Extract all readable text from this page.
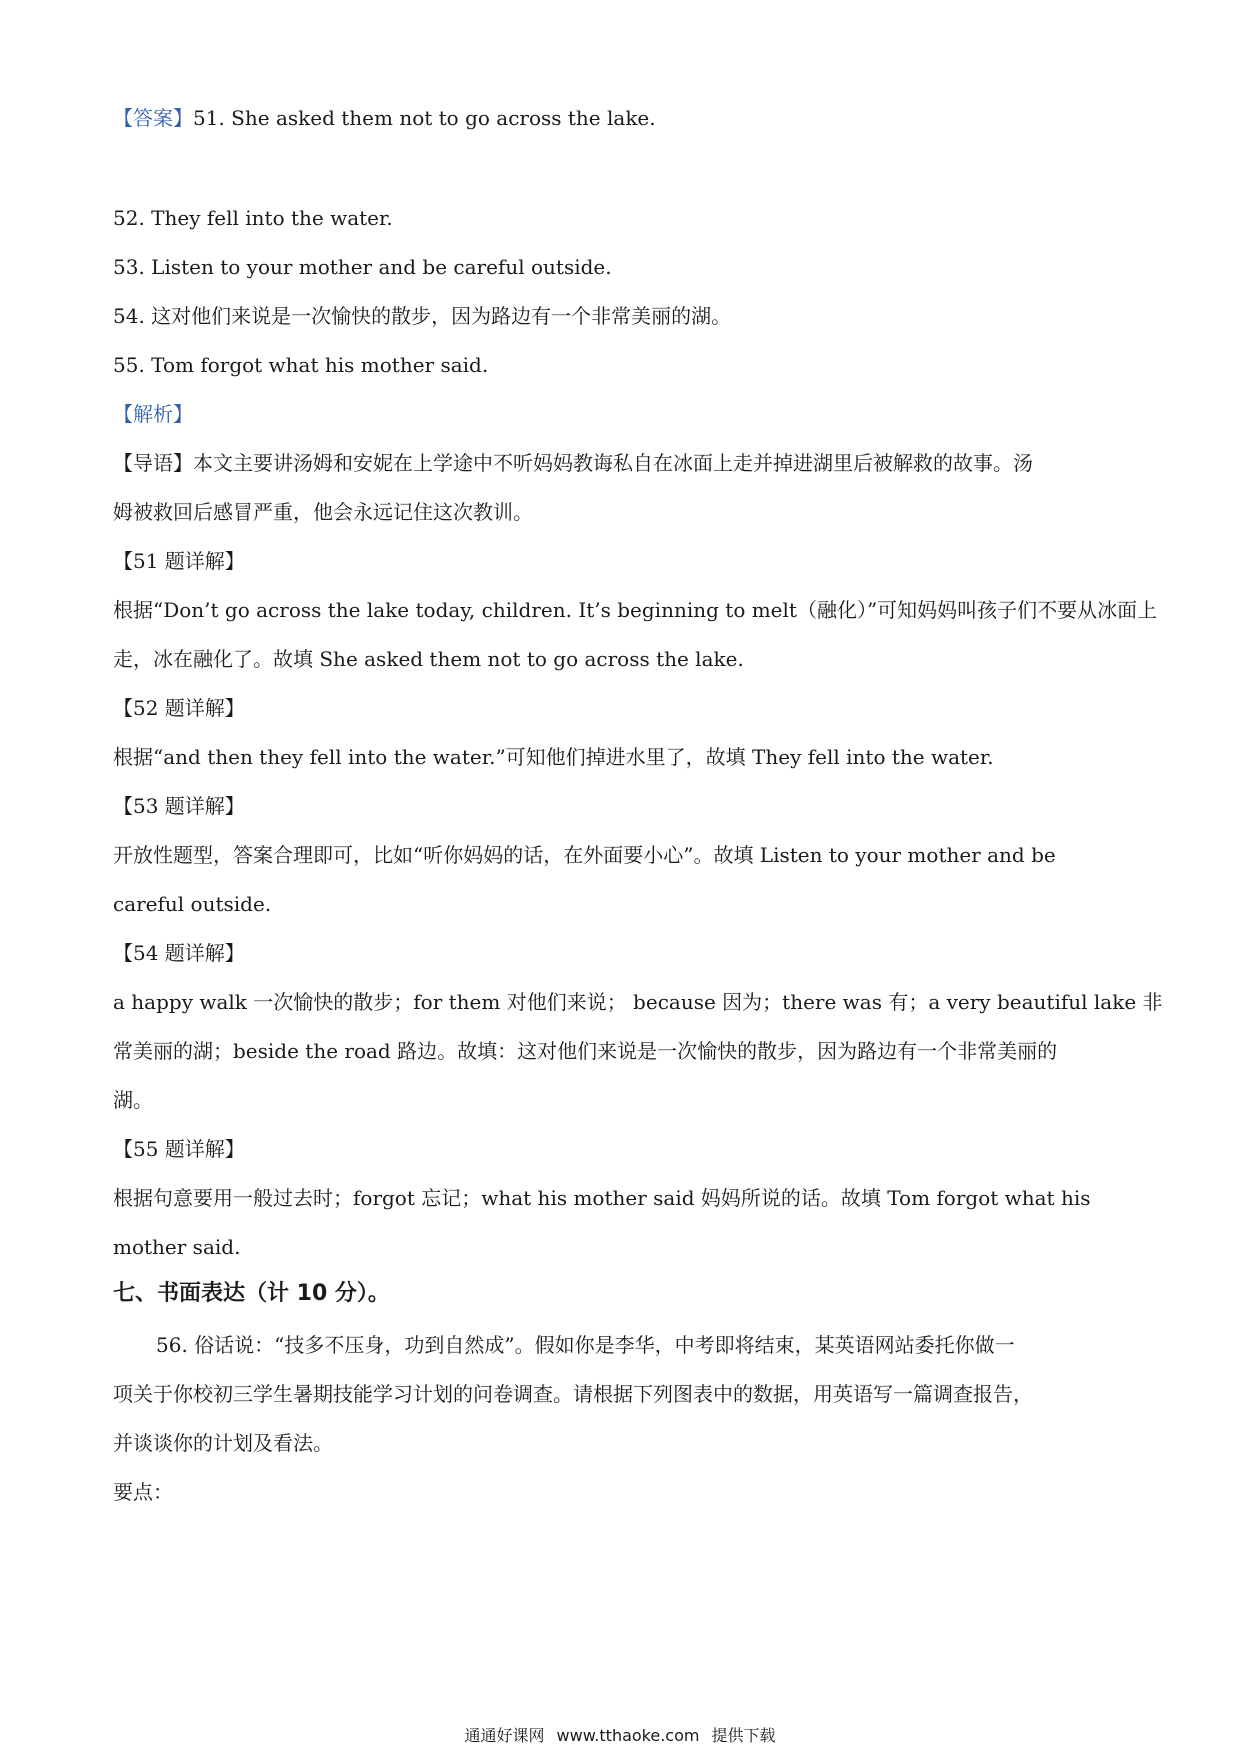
【答案】51. She asked them not to go across the lake.
52. They fell into the water.
53. Listen to your mother and be careful outside.
54. 这对他们来说是一次愉快的散步，因为路边有一个非常美丽的湖。
55. Tom forgot what his mother said.
【解析】
【导语】本文主要讲汤姆和安妮在上学途中不听妈妈教诲私自在冰面上走并掉进湖里后被解救的故事。汤
姆被救回后感冒严重，他会永远记住这次教训。
【51 题详解】
根据“Don’t go across the lake today, children. It’s beginning to melt（融化）”可知妈妈叫孩子们不要从冰面上
走，冰在融化了。故填 She asked them not to go across the lake.
【52 题详解】
根据“and then they fell into the water.”可知他们掉进水里了，故填 They fell into the water.
【53 题详解】
开放性题型，答案合理即可，比如“听你妈妈的话，在外面要小心”。故填 Listen to your mother and be
careful outside.
【54 题详解】
a happy walk 一次愉快的散步；for them 对他们来说； because 因为；there was 有；a very beautiful lake 非
常美丽的湖；beside the road 路边。故填：这对他们来说是一次愉快的散步，因为路边有一个非常美丽的
湖。
【55 题详解】
根据句意要用一般过去时；forgot 忘记；what his mother said 妈妈所说的话。故填 Tom forgot what his
mother said.
七、书面表达（计 10 分）。
56. 俗话说：“技多不压身，功到自然成”。假如你是李华，中考即将结束，某英语网站委托你做一
项关于你校初三学生暑期技能学习计划的问卷调查。请根据下列图表中的数据，用英语写一篇调查报告，
并谈谈你的计划及看法。
要点：
通通好课网 www.tthaoke.com 提供下载
